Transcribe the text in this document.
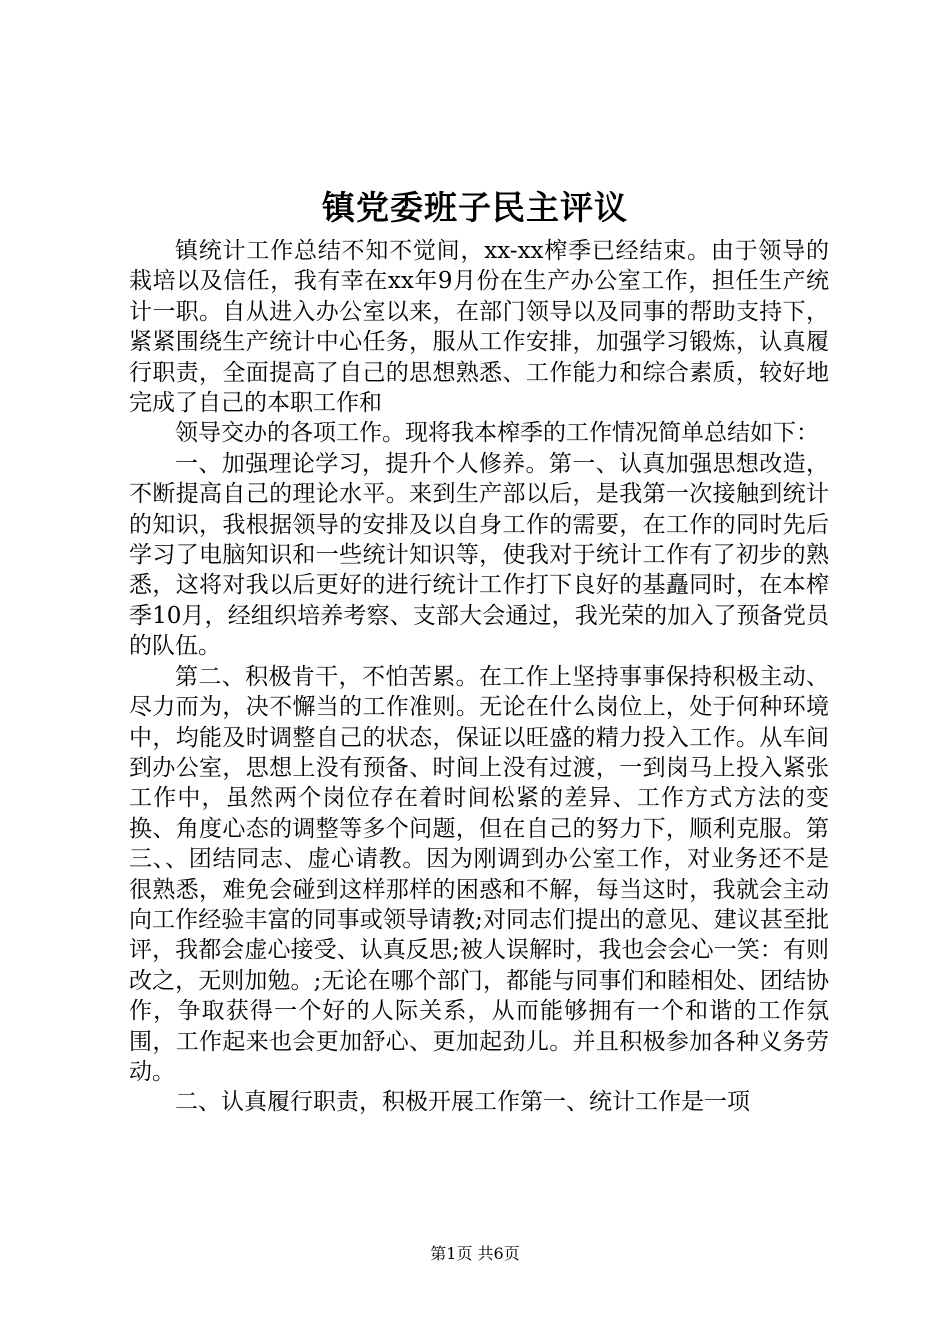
镇党委班子民主评议

镇统计工作总结不知不觉间，xx-xx榨季已经结束。由于领导的栽培以及信任，我有幸在xx年9月份在生产办公室工作，担任生产统计一职。自从进入办公室以来，在部门领导以及同事的帮助支持下，紧紧围绕生产统计中心任务，服从工作安排，加强学习锻炼，认真履行职责，全面提高了自己的思想熟悉、工作能力和综合素质，较好地完成了自己的本职工作和

领导交办的各项工作。现将我本榨季的工作情况简单总结如下：

一、加强理论学习，提升个人修养。第一、认真加强思想改造，不断提高自己的理论水平。来到生产部以后，是我第一次接触到统计的知识，我根据领导的安排及以自身工作的需要，在工作的同时先后学习了电脑知识和一些统计知识等，使我对于统计工作有了初步的熟悉，这将对我以后更好的进行统计工作打下良好的基矗同时，在本榨季10月，经组织培养考察、支部大会通过，我光荣的加入了预备党员的队伍。

第二、积极肯干，不怕苦累。在工作上坚持事事保持积极主动、尽力而为，决不懈当的工作准则。无论在什么岗位上，处于何种环境中，均能及时调整自己的状态，保证以旺盛的精力投入工作。从车间到办公室，思想上没有预备、时间上没有过渡，一到岗马上投入紧张工作中，虽然两个岗位存在着时间松紧的差异、工作方式方法的变换、角度心态的调整等多个问题，但在自己的努力下，顺利克服。第三、、团结同志、虚心请教。因为刚调到办公室工作，对业务还不是很熟悉，难免会碰到这样那样的困惑和不解，每当这时，我就会主动向工作经验丰富的同事或领导请教;对同志们提出的意见、建议甚至批评，我都会虚心接受、认真反思;被人误解时，我也会会心一笑：有则改之，无则加勉。;无论在哪个部门，都能与同事们和睦相处、团结协作，争取获得一个好的人际关系，从而能够拥有一个和谐的工作氛围，工作起来也会更加舒心、更加起劲儿。并且积极参加各种义务劳动。

二、认真履行职责，积极开展工作第一、统计工作是一项

第1页 共6页
